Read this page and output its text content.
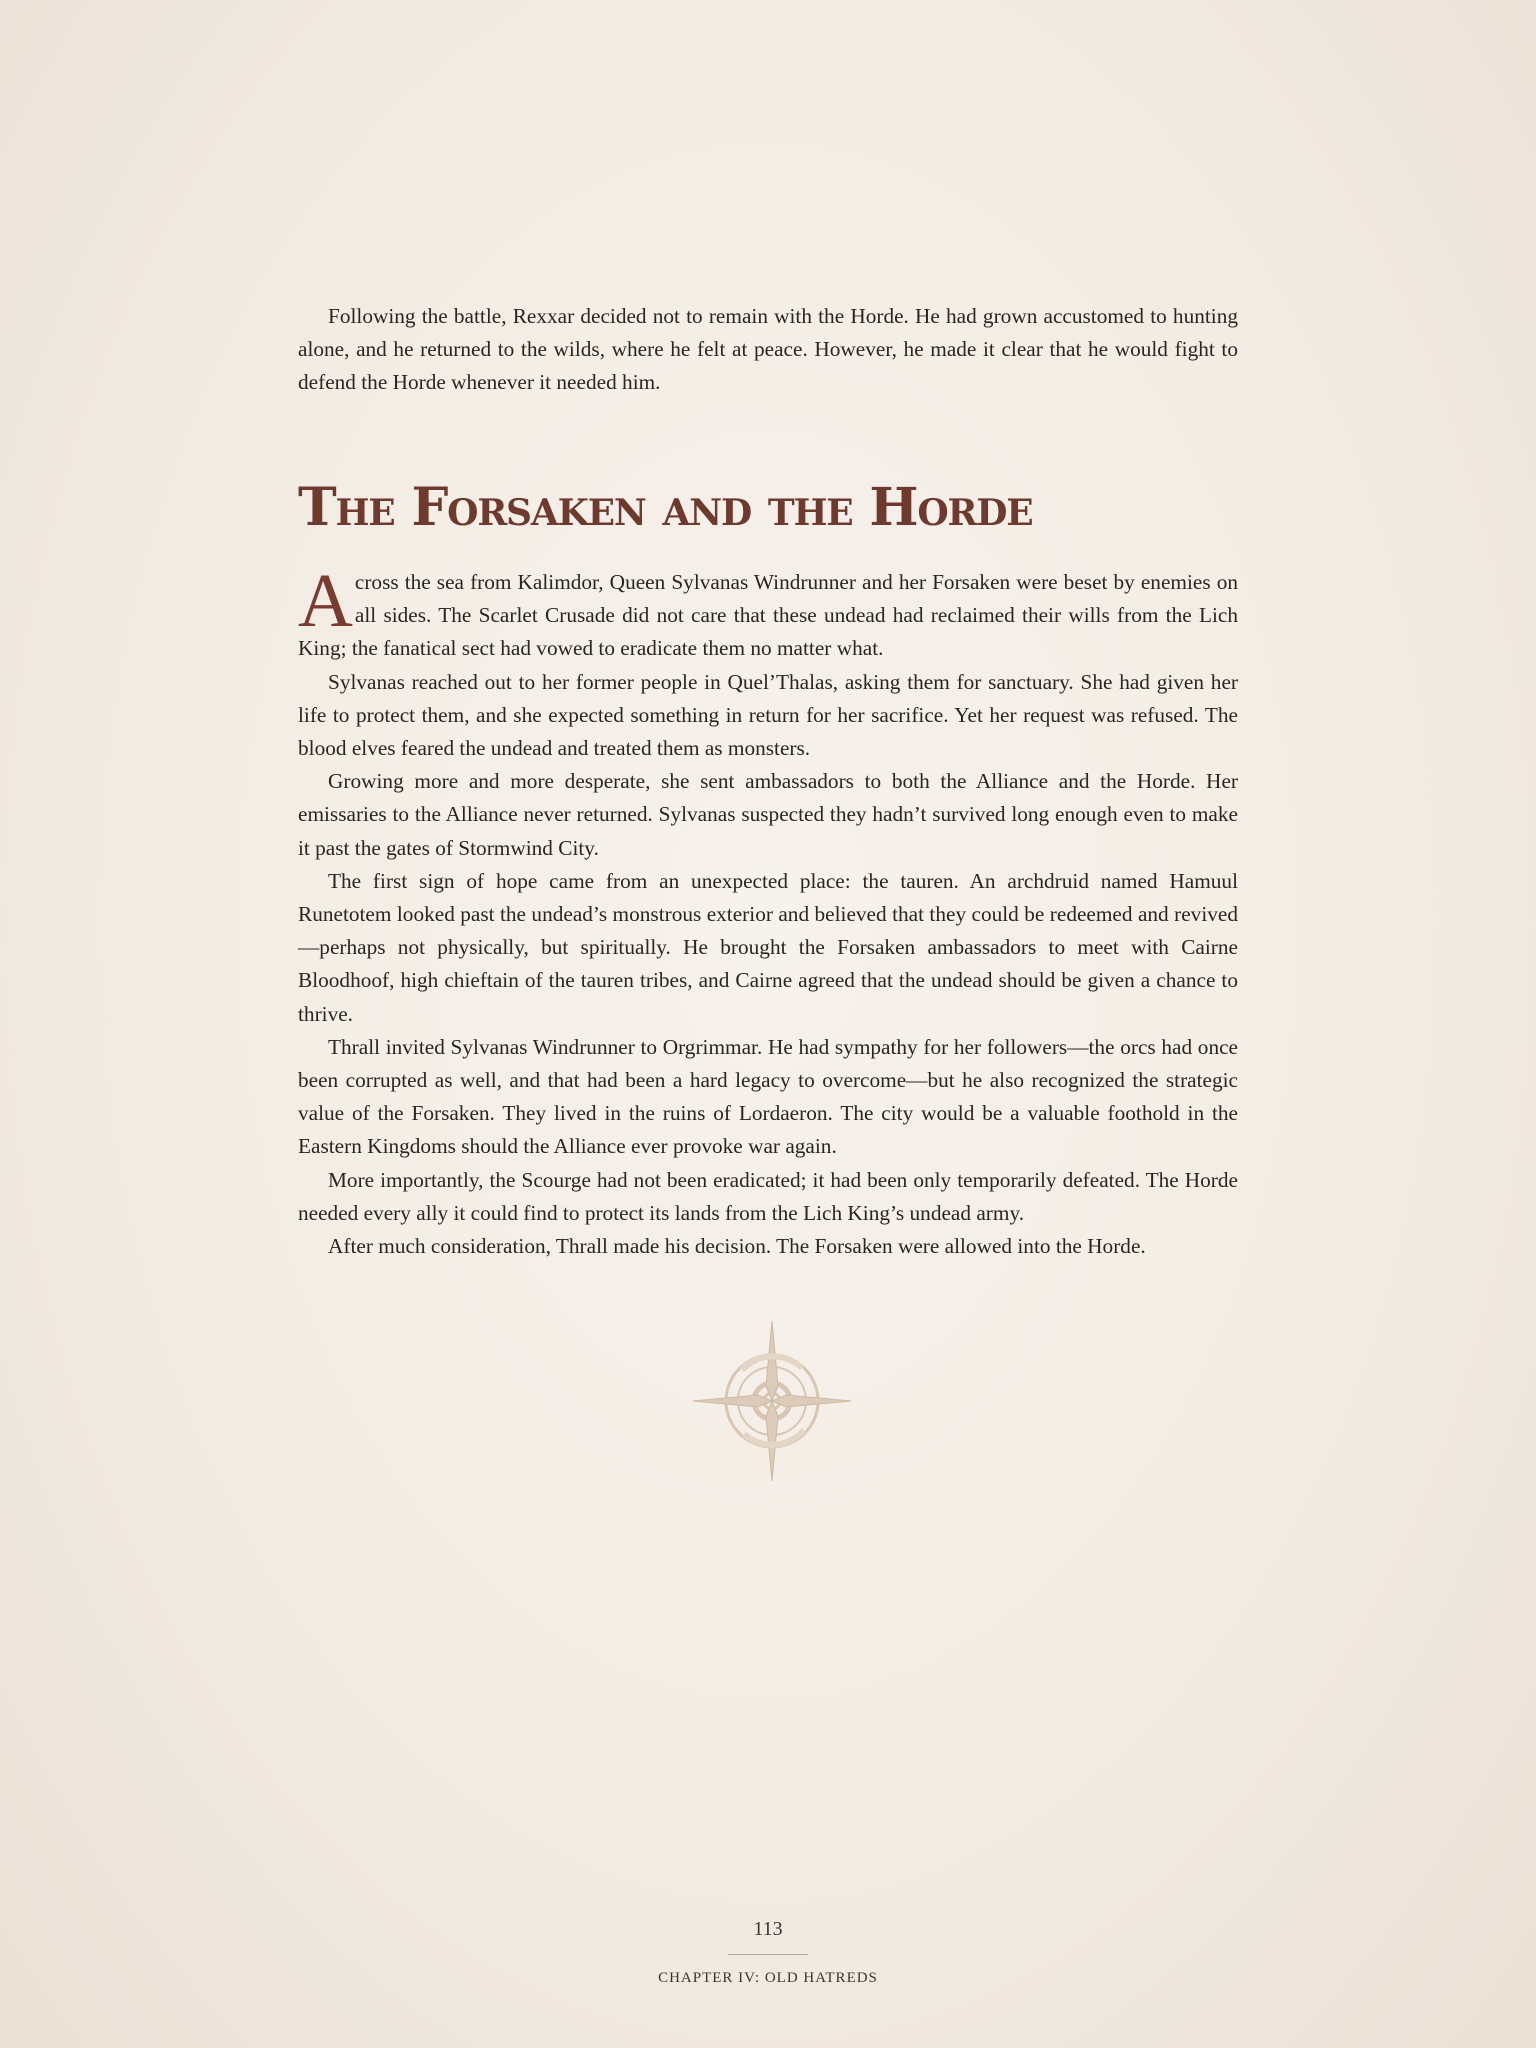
Following the battle, Rexxar decided not to remain with the Horde. He had grown accustomed to hunting alone, and he returned to the wilds, where he felt at peace. However, he made it clear that he would fight to defend the Horde whenever it needed him.

The Forsaken and the Horde

Across the sea from Kalimdor, Queen Sylvanas Windrunner and her Forsaken were beset by enemies on all sides. The Scarlet Crusade did not care that these undead had reclaimed their wills from the Lich King; the fanatical sect had vowed to eradicate them no matter what.

Sylvanas reached out to her former people in Quel’Thalas, asking them for sanctuary. She had given her life to protect them, and she expected something in return for her sacrifice. Yet her request was refused. The blood elves feared the undead and treated them as monsters.

Growing more and more desperate, she sent ambassadors to both the Alliance and the Horde. Her emissaries to the Alliance never returned. Sylvanas suspected they hadn’t survived long enough even to make it past the gates of Stormwind City.

The first sign of hope came from an unexpected place: the tauren. An archdruid named Hamuul Runetotem looked past the undead’s monstrous exterior and believed that they could be redeemed and revived—perhaps not physically, but spiritually. He brought the Forsaken ambassadors to meet with Cairne Bloodhoof, high chieftain of the tauren tribes, and Cairne agreed that the undead should be given a chance to thrive.

Thrall invited Sylvanas Windrunner to Orgrimmar. He had sympathy for her followers—the orcs had once been corrupted as well, and that had been a hard legacy to overcome—but he also recognized the strategic value of the Forsaken. They lived in the ruins of Lordaeron. The city would be a valuable foothold in the Eastern Kingdoms should the Alliance ever provoke war again.

More importantly, the Scourge had not been eradicated; it had been only temporarily defeated. The Horde needed every ally it could find to protect its lands from the Lich King’s undead army.

After much consideration, Thrall made his decision. The Forsaken were allowed into the Horde.

113
CHAPTER IV: OLD HATREDS
